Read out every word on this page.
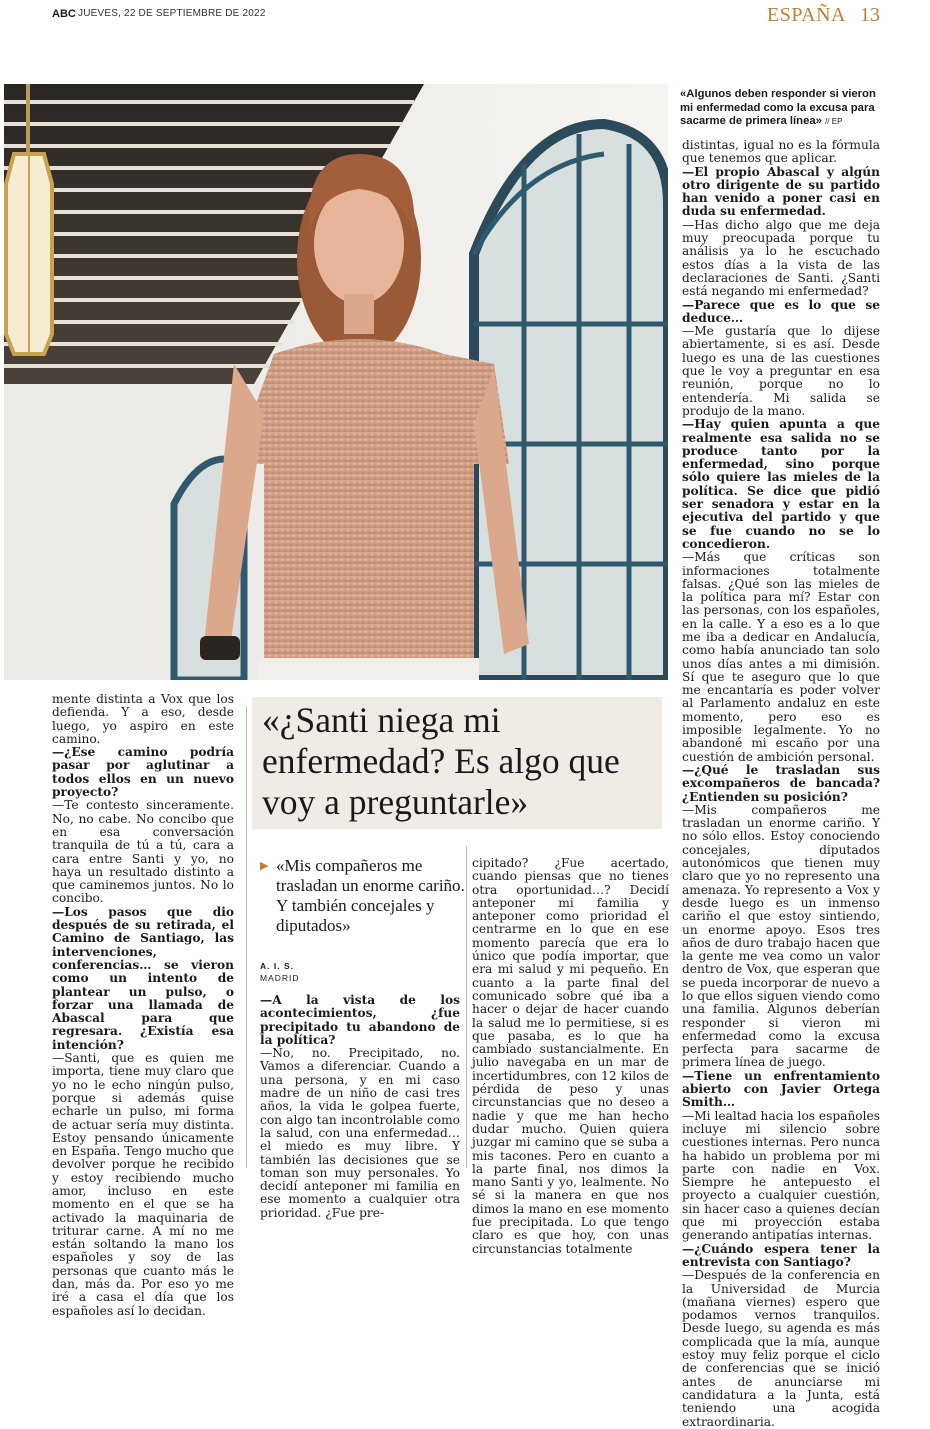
ABC JUEVES, 22 DE SEPTIEMBRE DE 2022	ESPAÑA 13
«Algunos deben responder si vieron mi enfermedad como la excusa para sacarme de primera línea» // EP

mente distinta a Vox que los defienda. Y a eso, desde luego, yo aspiro en este camino.

—¿Ese camino podría pasar por aglutinar a todos ellos en un nuevo proyecto?

—Te contesto sinceramente. No, no cabe. No concibo que en esa conversación tranquila de tú a tú, cara a cara entre Santi y yo, no haya un resultado distinto a que caminemos juntos. No lo concibo.

—Los pasos que dio después de su retirada, el Camino de Santiago, las intervenciones, conferencias… se vieron como un intento de plantear un pulso, o forzar una llamada de Abascal para que regresara. ¿Existía esa intención?

—Santi, que es quien me importa, tiene muy claro que yo no le echo ningún pulso, porque si además quise echarle un pulso, mi forma de actuar sería muy distinta. Estoy pensando únicamente en España. Tengo mucho que devolver porque he recibido y estoy recibiendo mucho amor, incluso en este momento en el que se ha activado la maquinaria de triturar carne. A mí no me están soltando la mano los españoles y soy de las personas que cuanto más le dan, más da. Por eso yo me iré a casa el día que los españoles así lo decidan.

«¿Santi niega mi enfermedad? Es algo que voy a preguntarle»
▶ «Mis compañeros me trasladan un enorme cariño. Y también concejales y diputados»
A. I. S.
MADRID

—A la vista de los acontecimientos, ¿fue precipitado tu abandono de la política?

—No, no. Precipitado, no. Vamos a diferenciar. Cuando a una persona, y en mi caso madre de un niño de casi tres años, la vida le golpea fuerte, con algo tan incontrolable como la salud, con una enfermedad… el miedo es muy libre. Y también las decisiones que se toman son muy personales. Yo decidí anteponer mi familia en ese momento a cualquier otra prioridad. ¿Fue pre-

cipitado? ¿Fue acertado, cuando piensas que no tienes otra oportunidad…? Decidí anteponer mi familia y anteponer como prioridad el centrarme en lo que en ese momento parecía que era lo único que podía importar, que era mi salud y mi pequeño. En cuanto a la parte final del comunicado sobre qué iba a hacer o dejar de hacer cuando la salud me lo permitiese, si es que pasaba, es lo que ha cambiado sustancialmente. En julio navegaba en un mar de incertidumbres, con 12 kilos de pérdida de peso y unas circunstancias que no deseo a nadie y que me han hecho dudar mucho. Quien quiera juzgar mi camino que se suba a mis tacones. Pero en cuanto a la parte final, nos dimos la mano Santi y yo, lealmente. No sé si la manera en que nos dimos la mano en ese momento fue precipitada. Lo que tengo claro es que hoy, con unas circunstancias totalmente

distintas, igual no es la fórmula que tenemos que aplicar.

—El propio Abascal y algún otro dirigente de su partido han venido a poner casi en duda su enfermedad.

—Has dicho algo que me deja muy preocupada porque tu análisis ya lo he escuchado estos días a la vista de las declaraciones de Santi. ¿Santi está negando mi enfermedad?

—Parece que es lo que se deduce…

—Me gustaría que lo dijese abiertamente, si es así. Desde luego es una de las cuestiones que le voy a preguntar en esa reunión, porque no lo entendería. Mi salida se produjo de la mano.

—Hay quien apunta a que realmente esa salida no se produce tanto por la enfermedad, sino porque sólo quiere las mieles de la política. Se dice que pidió ser senadora y estar en la ejecutiva del partido y que se fue cuando no se lo concedieron.

—Más que críticas son informaciones totalmente falsas. ¿Qué son las mieles de la política para mí? Estar con las personas, con los españoles, en la calle. Y a eso es a lo que me iba a dedicar en Andalucía, como había anunciado tan solo unos días antes a mi dimisión. Sí que te aseguro que lo que me encantaría es poder volver al Parlamento andaluz en este momento, pero eso es imposible legalmente. Yo no abandoné mi escaño por una cuestión de ambición personal.

—¿Qué le trasladan sus excompañeros de bancada? ¿Entienden su posición?

—Mis compañeros me trasladan un enorme cariño. Y no sólo ellos. Estoy conociendo concejales, diputados autonómicos que tienen muy claro que yo no represento una amenaza. Yo represento a Vox y desde luego es un inmenso cariño el que estoy sintiendo, un enorme apoyo. Esos tres años de duro trabajo hacen que la gente me vea como un valor dentro de Vox, que esperan que se pueda incorporar de nuevo a lo que ellos siguen viendo como una familia. Algunos deberían responder si vieron mi enfermedad como la excusa perfecta para sacarme de primera línea de juego.

—Tiene un enfrentamiento abierto con Javier Ortega Smith…

—Mi lealtad hacia los españoles incluye mi silencio sobre cuestiones internas. Pero nunca ha habido un problema por mi parte con nadie en Vox. Siempre he antepuesto el proyecto a cualquier cuestión, sin hacer caso a quienes decían que mi proyección estaba generando antipatías internas.

—¿Cuándo espera tener la entrevista con Santiago?

—Después de la conferencia en la Universidad de Murcia (mañana viernes) espero que podamos vernos tranquilos. Desde luego, su agenda es más complicada que la mía, aunque estoy muy feliz porque el ciclo de conferencias que se inició antes de anunciarse mi candidatura a la Junta, está teniendo una acogida extraordinaria.
